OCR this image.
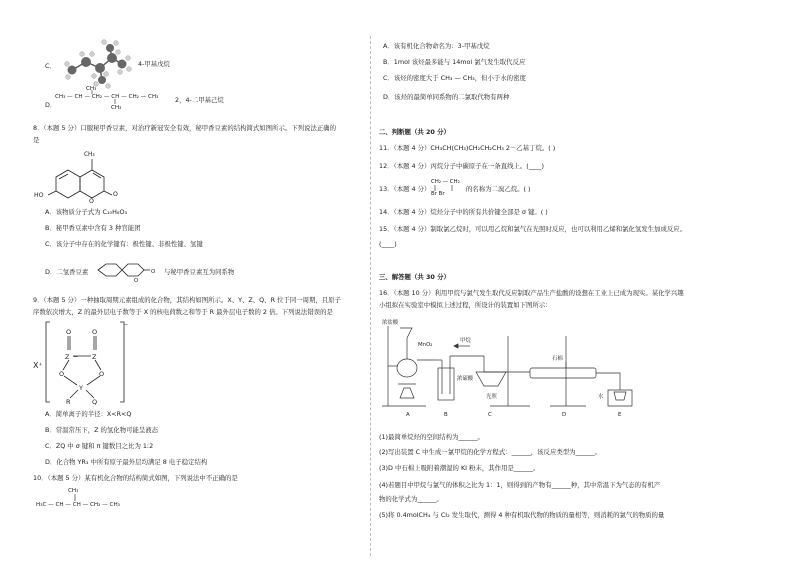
C．	4-甲基戊烷
D．
CH₃
CH₃ — CH — CH₂ — CH — CH₂ — CH₃
CH₃
2，4-二甲基己烷
8．（本题 5 分）口服秘甲香豆素，对治疗新冠安全有效，秘甲香豆素的结构简式如图所示。下列说法正确的
是
CH₃
HO
O
O
A．该物质分子式为 C₁₀H₈O₃
B．秘甲香豆素中含有 3 种官能团
C．该分子中存在的化学键有：极性键、非极性键、氢键
D．二氢香豆素
O
O 与秘甲香豆素互为同系物
9．（本题 5 分）一种抽取周期元素组成的化合物，其结构如图所示。X、Y、Z、Q、R 位于同一周期，且原子
序数依次增大，Z 的最外层电子数等于 X 的核电荷数之和等于 R 最外层电子数的 2 倍。下列说法错误的是
X⁺
O	O
Z — Z
O	O
Y
R	Q
−
A．简单离子的半径：X<R<Q
B．常温常压下，Z 的氢化物可能呈液态
C．ZQ 中 σ 键和 π 键数目之比为 1:2
D．化合物 YR₃ 中所有原子最外层均满足 8 电子稳定结构
10．（本题 5 分）某有机化合物的结构简式如图，下列说法中不正确的是
CH₃
H₃C — CH — CH — CH₂ — CH₃
A．该有机化合物命名为：3-甲基戊烷
B．1mol 该烃最多能与 14mol 氯气发生取代反应
C．该烃的密度大于 CH₃ — CH₃，但小于水的密度
D．该烃的最简单同系物的二氯取代物有两种
二、判断题（共 20 分）
11．（本题 4 分）CH₃CH(CH₃)CH₂CH₂CH₃ 2－乙基丁烷。( )
12．（本题 4 分）丙烷分子中碳原子在一条直线上。(____)
13．（本题 4 分）
CH₂ — CH₂
Br Br
的名称为二溴乙烷。( )
14．（本题 4 分）烷烃分子中的所有共价键全部是 σ 键。( )
15．（本题 4 分）制取氯乙烷时，可以用乙烷和氯气在光照时反应，也可以利用乙烯和氯化氢发生加成反应。
(____)
三、解答题（共 30 分）
16．（本题 10 分）利用甲烷与氯气发生取代反应制取产品生产盐酸的设想在工业上已成为现实。某化学兴趣
小组拟在实验室中模拟上述过程，所设计的装置如下图所示：
浓盐酸
MnO₂
甲烷
石棉
浓硫酸
光照	水
A	B	C	D	E
(1)最简单烷烃的空间结构为______。
(2)写出装置 C 中生成一氯甲烷的化学方程式：______，该反应类型为______。
(3)D 中石棉上吸附着潮湿的 KI 粉末，其作用是______。
(4)若题目中甲烷与氯气的体积之比为 1：1，则得到的产物有______种，其中常温下为气态的有机产
物的化学式为______。
(5)将 0.4molCH₄ 与 Cl₂ 发生取代，测得 4 种有机取代物的物质的量相等，则消耗的氯气的物质的量
